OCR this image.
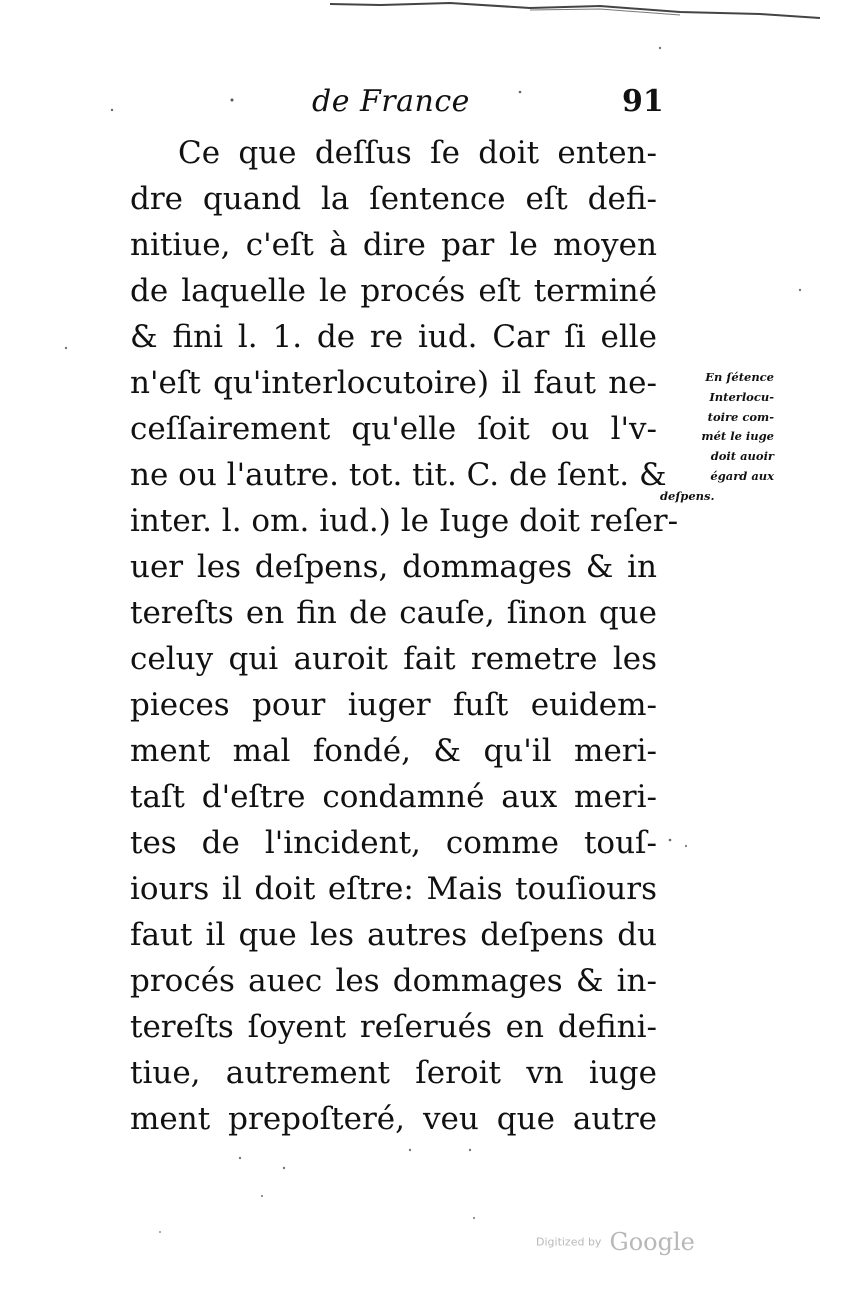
de France	91
Ce que deſſus ſe doit enten-
dre quand la ſentence eſt defi-
nitiue, c'eſt à dire par le moyen
de laquelle le procés eſt terminé
& fini l. 1. de re iud. Car ſi elle
n'eſt qu'interlocutoire) il faut ne-
ceſſairement qu'elle ſoit ou l'v-
ne ou l'autre. tot. tit. C. de ſent. &
inter. l. om. iud.) le Iuge doit reſer-
uer les deſpens, dommages & in
tereſts en fin de cauſe, ſinon que
celuy qui auroit fait remetre les
pieces pour iuger fuſt euidem-
ment mal fondé, & qu'il meri-
taſt d'eſtre condamné aux meri-
tes de l'incident, comme touſ-
iours il doit eſtre: Mais touſiours
faut il que les autres deſpens du
procés auec les dommages & in-
tereſts ſoyent reſerués en defini-
tiue, autrement ſeroit vn iuge
ment prepoſteré, veu que autre
En ſétence
Interlocu-
toire com-
mét le iuge
doit auoir
égard aux
deſpens.
Digitized by Google
